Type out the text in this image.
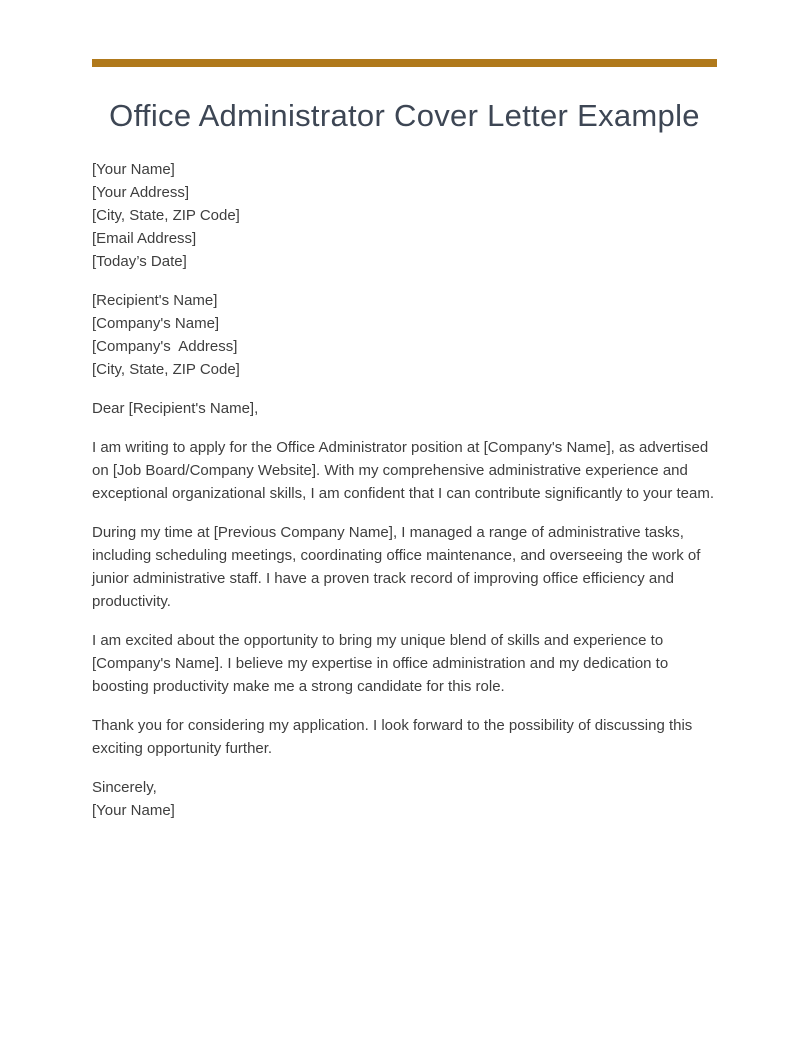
Office Administrator Cover Letter Example

[Your Name]

[Your Address]

[City, State, ZIP Code]

[Email Address]

[Today’s Date]

[Recipient's Name]

[Company's Name]

[Company's  Address]

[City, State, ZIP Code]

Dear [Recipient's Name],

I am writing to apply for the Office Administrator position at [Company's Name], as advertised on [Job Board/Company Website]. With my comprehensive administrative experience and exceptional organizational skills, I am confident that I can contribute significantly to your team.

During my time at [Previous Company Name], I managed a range of administrative tasks, including scheduling meetings, coordinating office maintenance, and overseeing the work of junior administrative staff. I have a proven track record of improving office efficiency and productivity.

I am excited about the opportunity to bring my unique blend of skills and experience to [Company's Name]. I believe my expertise in office administration and my dedication to boosting productivity make me a strong candidate for this role.

Thank you for considering my application. I look forward to the possibility of discussing this exciting opportunity further.

Sincerely,

[Your Name]
